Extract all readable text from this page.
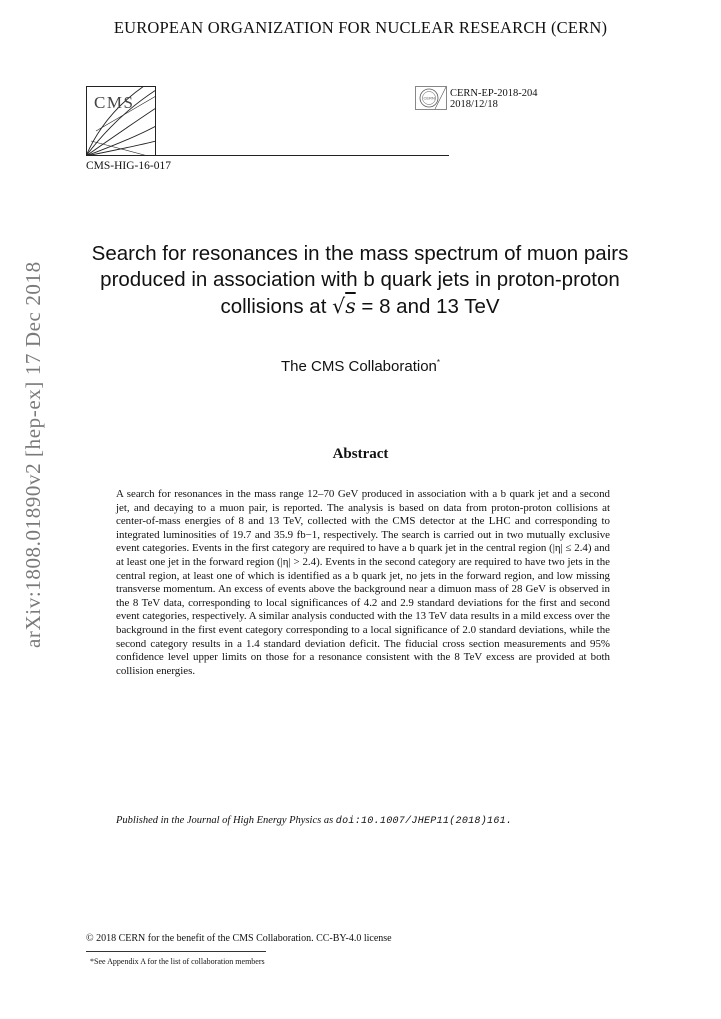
EUROPEAN ORGANIZATION FOR NUCLEAR RESEARCH (CERN)
CMS
CMS-HIG-16-017
CERN CERN-EP-2018-204
2018/12/18
Search for resonances in the mass spectrum of muon pairs
produced in association with b quark jets in proton-proton
collisions at √s = 8 and 13 TeV
The CMS Collaboration*
Abstract
A search for resonances in the mass range 12–70 GeV produced in association with a b quark jet and a second jet, and decaying to a muon pair, is reported. The analysis is based on data from proton-proton collisions at center-of-mass energies of 8 and 13 TeV, collected with the CMS detector at the LHC and corresponding to integrated luminosities of 19.7 and 35.9 fb−1, respectively. The search is carried out in two mutually exclusive event categories. Events in the first category are required to have a b quark jet in the central region (|η| ≤ 2.4) and at least one jet in the forward region (|η| > 2.4). Events in the second category are required to have two jets in the central region, at least one of which is identified as a b quark jet, no jets in the forward region, and low missing transverse momentum. An excess of events above the background near a dimuon mass of 28 GeV is observed in the 8 TeV data, corresponding to local significances of 4.2 and 2.9 standard deviations for the first and second event categories, respectively. A similar analysis conducted with the 13 TeV data results in a mild excess over the background in the first event category corresponding to a local significance of 2.0 standard deviations, while the second category results in a 1.4 standard deviation deficit. The fiducial cross section measurements and 95% confidence level upper limits on those for a resonance consistent with the 8 TeV excess are provided at both collision energies.
Published in the Journal of High Energy Physics as doi:10.1007/JHEP11(2018)161.
© 2018 CERN for the benefit of the CMS Collaboration. CC-BY-4.0 license
*See Appendix A for the list of collaboration members
arXiv:1808.01890v2 [hep-ex] 17 Dec 2018
